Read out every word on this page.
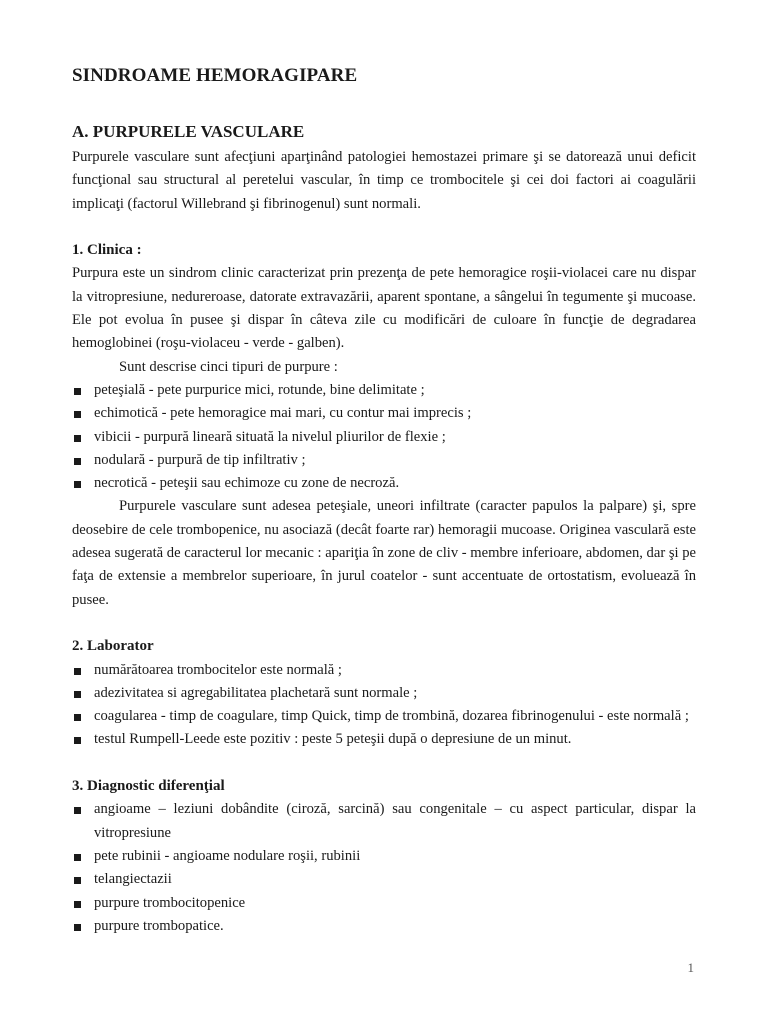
SINDROAME HEMORAGIPARE
A. PURPURELE VASCULARE

Purpurele vasculare sunt afecţiuni aparţinând patologiei hemostazei primare şi se datorează unui deficit funcţional sau structural al peretelui vascular, în timp ce trombocitele şi cei doi factori ai coagulării implicaţi (factorul Willebrand şi fibrinogenul) sunt normali.

1. Clinica :

Purpura este un sindrom clinic caracterizat prin prezenţa de pete hemoragice roşii-violacei care nu dispar la vitropresiune, nedureroase, datorate extravazării, aparent spontane, a sângelui în tegumente şi mucoase. Ele pot evolua în pusee şi dispar în câteva zile cu modificări de culoare în funcţie de degradarea hemoglobinei (roşu-violaceu - verde - galben).

Sunt descrise cinci tipuri de purpure :

peteşială - pete purpurice mici, rotunde, bine delimitate ;
echimotică - pete hemoragice mai mari, cu contur mai imprecis ;
vibicii - purpură lineară situată la nivelul pliurilor de flexie ;
nodulară - purpură de tip infiltrativ ;
necrotică - peteşii sau echimoze cu zone de necroză.

Purpurele vasculare sunt adesea peteşiale, uneori infiltrate (caracter papulos la palpare) şi, spre deosebire de cele trombopenice, nu asociază (decât foarte rar) hemoragii mucoase. Originea vasculară este adesea sugerată de caracterul lor mecanic : apariţia în zone de cliv - membre inferioare, abdomen, dar şi pe faţa de extensie a membrelor superioare, în jurul coatelor - sunt accentuate de ortostatism, evoluează în pusee.

2. Laborator
numărătoarea trombocitelor este normală ;
adezivitatea si agregabilitatea plachetară sunt normale ;
coagularea - timp de coagulare, timp Quick, timp de trombină, dozarea fibrinogenului - este normală ;
testul Rumpell-Leede este pozitiv : peste 5 peteşii după o depresiune de un minut.
3. Diagnostic diferenţial
angioame – leziuni dobândite (ciroză, sarcină) sau congenitale – cu aspect particular, dispar la vitropresiune
pete rubinii - angioame nodulare roşii, rubinii
telangiectazii
purpure trombocitopenice
purpure trombopatice.
1
